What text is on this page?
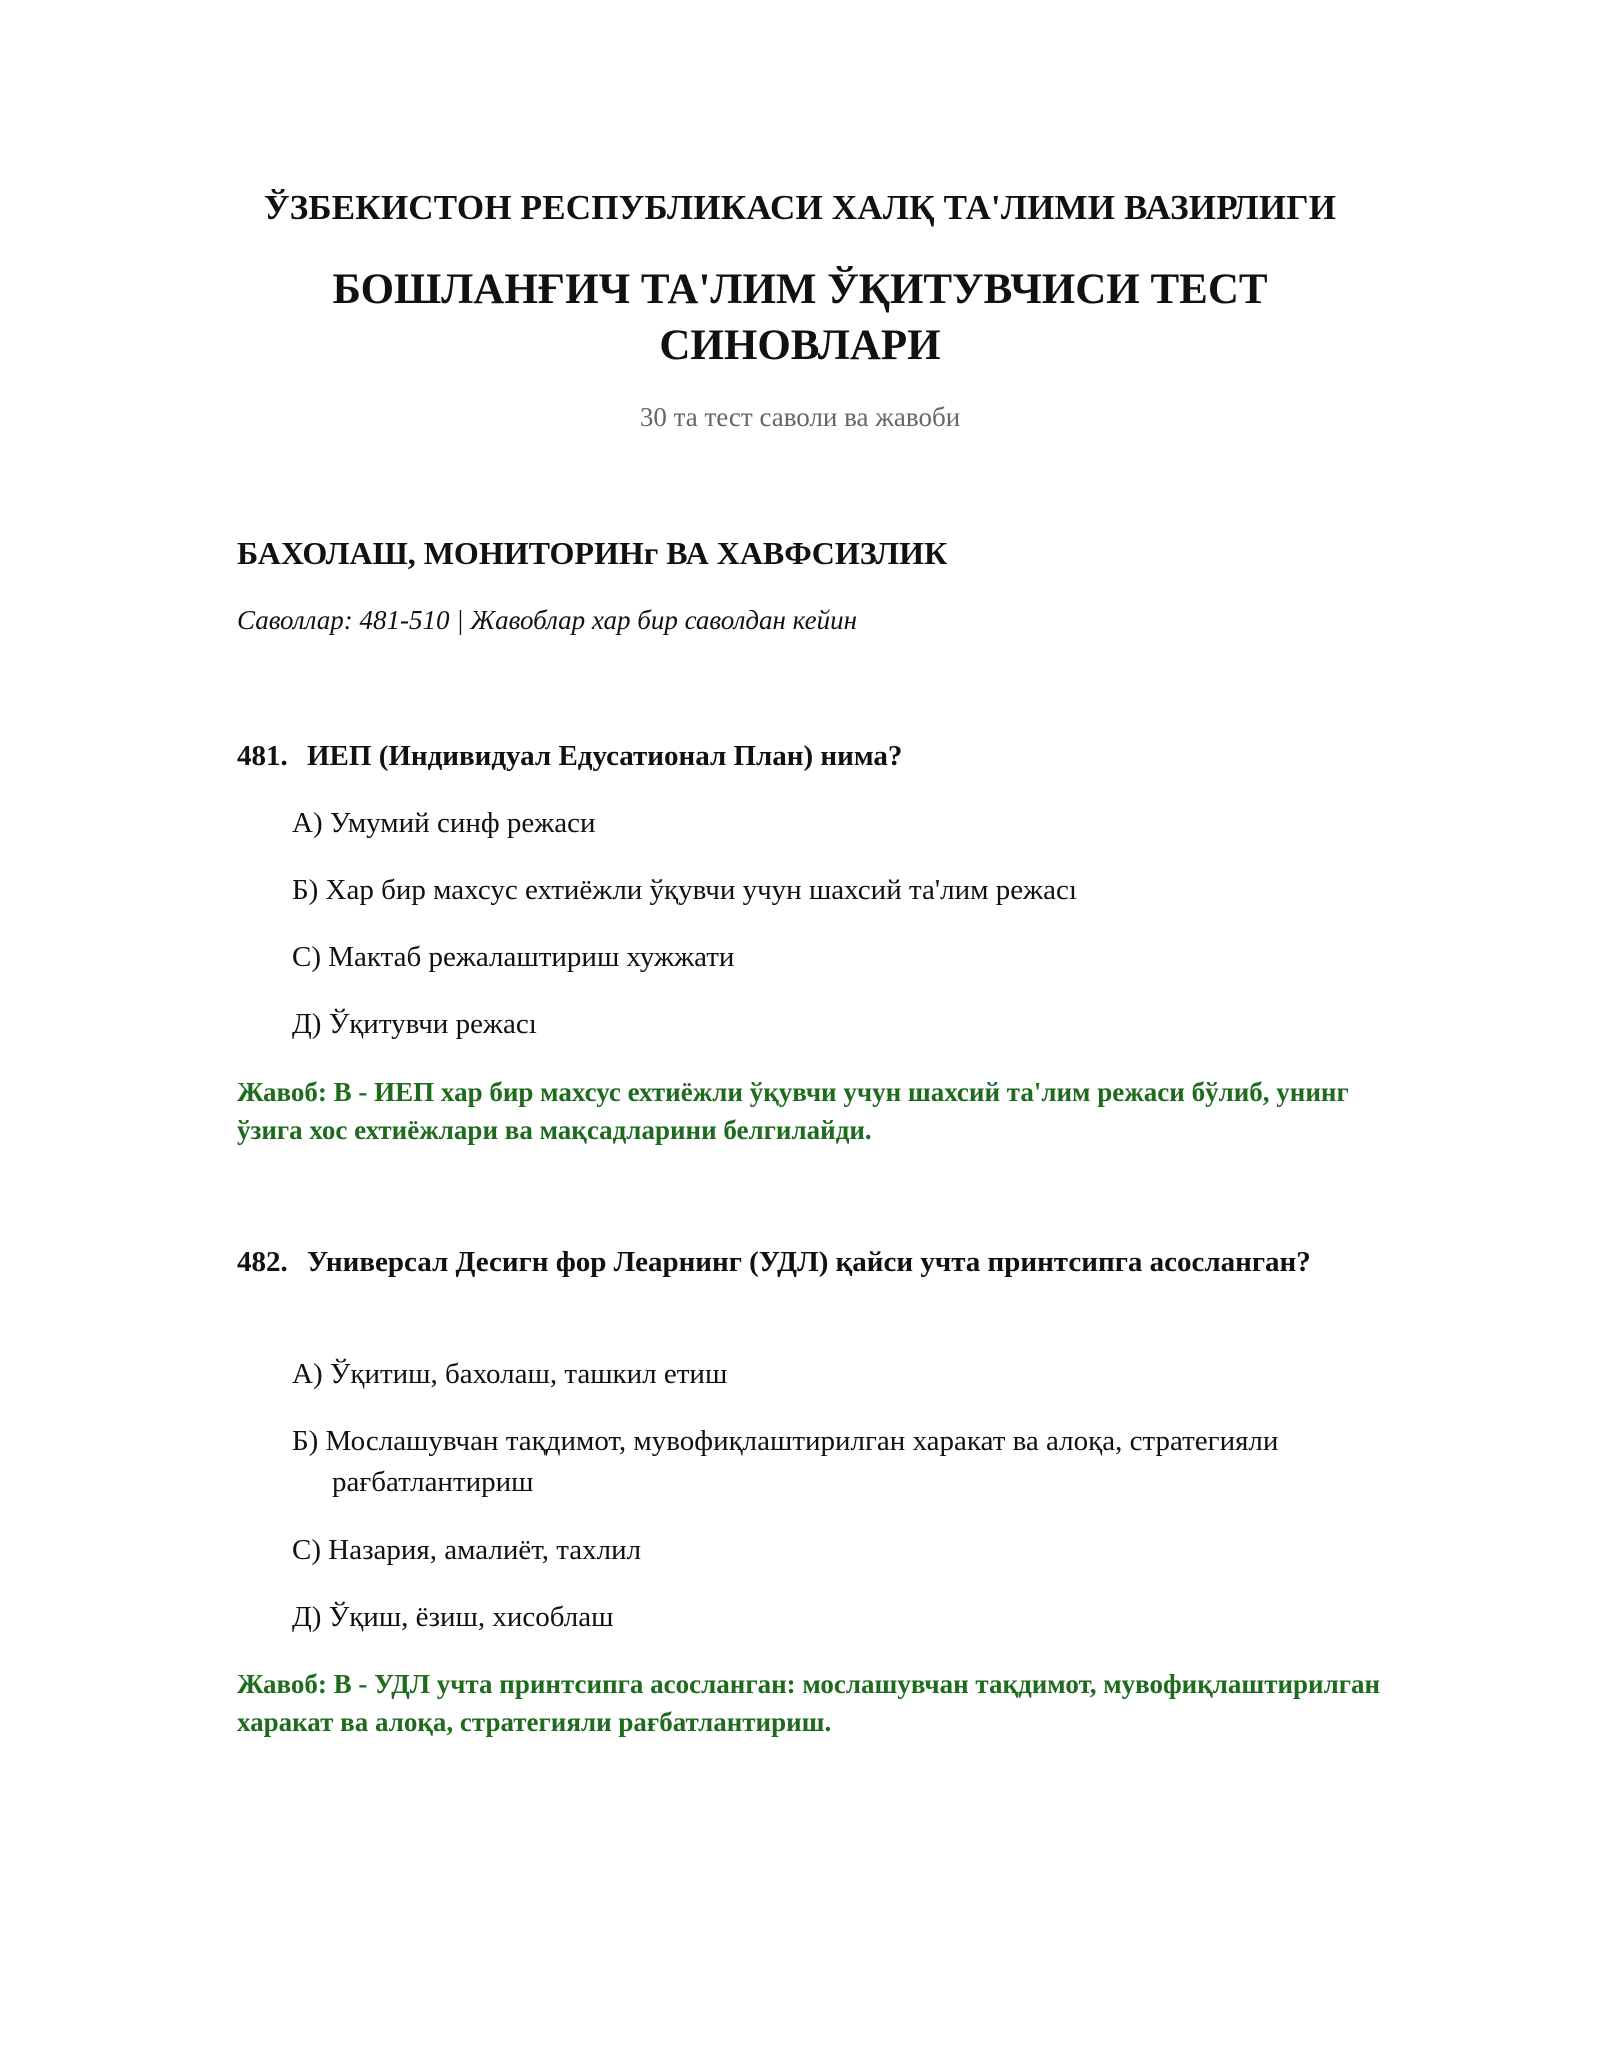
ЎЗБЕКИСТОН РЕСПУБЛИКАСИ ХАЛҚ ТА'ЛИМИ ВАЗИРЛИГИ
БОШЛАНҒИЧ ТА'ЛИМ ЎҚИТУВЧИСИ ТЕСТ СИНОВЛАРИ
30 та тест саволи ва жавоби
БАХОЛАШ, МОНИТОРИНг ВА ХАВФСИЗЛИК
Саволлар: 481-510 | Жавоблар хар бир саволдан кейин
481. ИЕП (Индивидуал Едусатионал План) нима?
А) Умумий синф режаси
Б) Хар бир махсус ехтиёжли ўқувчи учун шахсий та'лим режасı
С) Мактаб режалаштириш хужжати
Д) Ўқитувчи режасı
Жавоб: B - ИЕП хар бир махсус ехтиёжли ўқувчи учун шахсий та'лим режаси бўлиб, унинг ўзига хос ехтиёжлари ва мақсадларини белгилайди.
482. Универсал Десигн фор Леарнинг (УДЛ) қайси учта принтсипга асосланган?
А) Ўқитиш, бахолаш, ташкил етиш
Б) Мослашувчан тақдимот, мувофиқлаштирилган харакат ва алоқа, стратегияли рағбатлантириш
С) Назария, амалиёт, тахлил
Д) Ўқиш, ёзиш, хисоблаш
Жавоб: B - УДЛ учта принтсипга асосланган: мослашувчан тақдимот, мувофиқлаштирилган харакат ва алоқа, стратегияли рағбатлантириш.
